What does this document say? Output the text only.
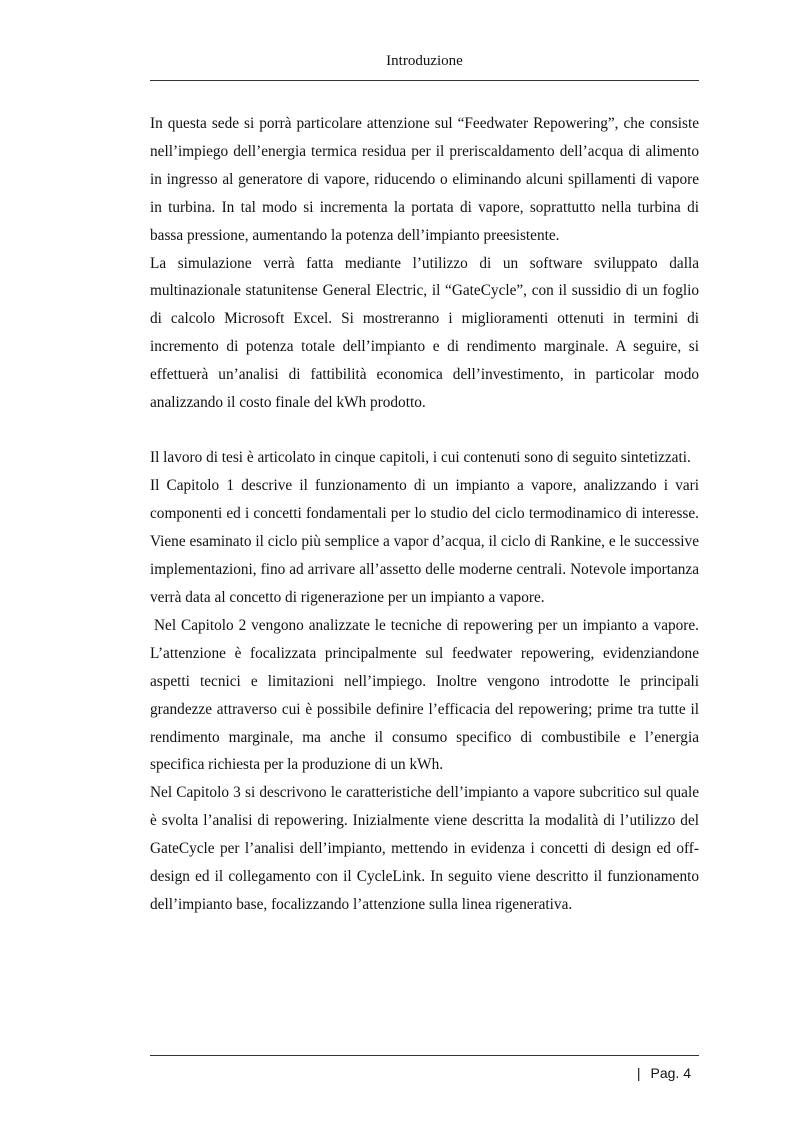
Introduzione

In questa sede si porrà particolare attenzione sul “Feedwater Repowering”, che consiste nell’impiego dell’energia termica residua per il preriscaldamento dell’acqua di alimento in ingresso al generatore di vapore, riducendo o eliminando alcuni spillamenti di vapore in turbina. In tal modo si incrementa la portata di vapore, soprattutto nella turbina di bassa pressione, aumentando la potenza dell’impianto preesistente.

La simulazione verrà fatta mediante l’utilizzo di un software sviluppato dalla multinazionale statunitense General Electric, il “GateCycle”, con il sussidio di un foglio di calcolo Microsoft Excel. Si mostreranno i miglioramenti ottenuti in termini di incremento di potenza totale dell’impianto e di rendimento marginale. A seguire, si effettuerà un’analisi di fattibilità economica dell’investimento, in particolar modo analizzando il costo finale del kWh prodotto.

Il lavoro di tesi è articolato in cinque capitoli, i cui contenuti sono di seguito sintetizzati.

Il Capitolo 1 descrive il funzionamento di un impianto a vapore, analizzando i vari componenti ed i concetti fondamentali per lo studio del ciclo termodinamico di interesse. Viene esaminato il ciclo più semplice a vapor d’acqua, il ciclo di Rankine, e le successive implementazioni, fino ad arrivare all’assetto delle moderne centrali. Notevole importanza verrà data al concetto di rigenerazione per un impianto a vapore.

Nel Capitolo 2 vengono analizzate le tecniche di repowering per un impianto a vapore. L’attenzione è focalizzata principalmente sul feedwater repowering, evidenziandone aspetti tecnici e limitazioni nell’impiego. Inoltre vengono introdotte le principali grandezze attraverso cui è possibile definire l’efficacia del repowering; prime tra tutte il rendimento marginale, ma anche il consumo specifico di combustibile e l’energia specifica richiesta per la produzione di un kWh.

Nel Capitolo 3 si descrivono le caratteristiche dell’impianto a vapore subcritico sul quale è svolta l’analisi di repowering. Inizialmente viene descritta la modalità di l’utilizzo del GateCycle per l’analisi dell’impianto, mettendo in evidenza i concetti di design ed off-design ed il collegamento con il CycleLink. In seguito viene descritto il funzionamento dell’impianto base, focalizzando l’attenzione sulla linea rigenerativa.

| Pag. 4
